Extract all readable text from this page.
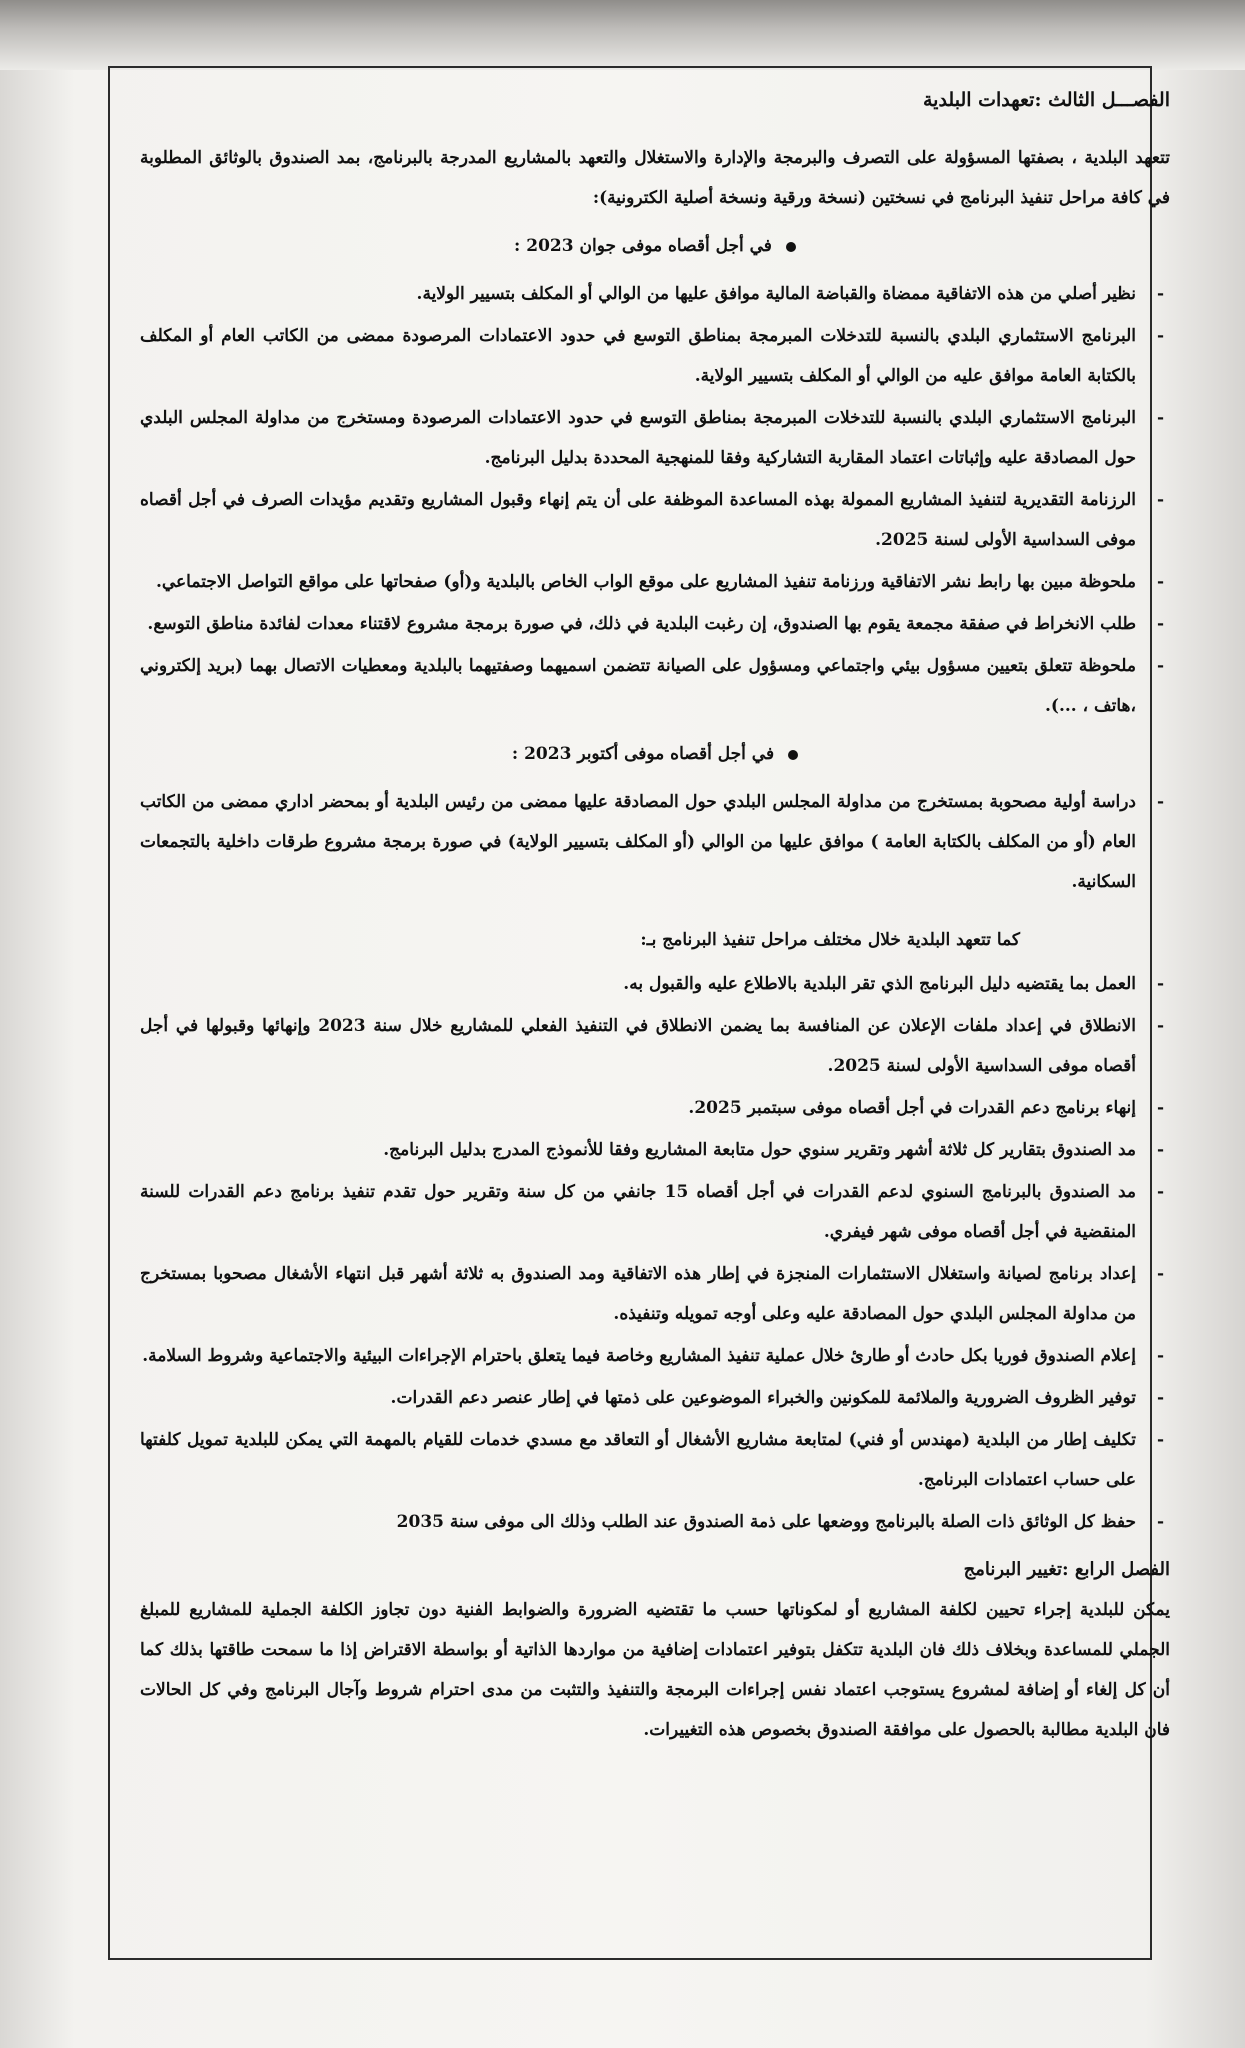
الفصـــل الثالث :تعهدات البلدية

تتعهد البلدية ، بصفتها المسؤولة على التصرف والبرمجة والإدارة والاستغلال والتعهد بالمشاريع المدرجة بالبرنامج، بمد الصندوق بالوثائق المطلوبة في كافة مراحل تنفيذ البرنامج في نسختين (نسخة ورقية ونسخة أصلية الكترونية):

في أجل أقصاه موفى جوان 2023 :

- نظير أصلي من هذه الاتفاقية ممضاة والقباضة المالية موافق عليها من الوالي أو المكلف بتسيير الولاية.
- البرنامج الاستثماري البلدي بالنسبة للتدخلات المبرمجة بمناطق التوسع في حدود الاعتمادات المرصودة ممضى من الكاتب العام أو المكلف بالكتابة العامة موافق عليه من الوالي أو المكلف بتسيير الولاية.
- البرنامج الاستثماري البلدي بالنسبة للتدخلات المبرمجة بمناطق التوسع في حدود الاعتمادات المرصودة ومستخرج من مداولة المجلس البلدي حول المصادقة عليه وإثباتات اعتماد المقاربة التشاركية وفقا للمنهجية المحددة بدليل البرنامج.
- الرزنامة التقديرية لتنفيذ المشاريع الممولة بهذه المساعدة الموظفة على أن يتم إنهاء وقبول المشاريع وتقديم مؤيدات الصرف في أجل أقصاه موفى السداسية الأولى لسنة 2025.
- ملحوظة مبين بها رابط نشر الاتفاقية ورزنامة تنفيذ المشاريع على موقع الواب الخاص بالبلدية و(أو) صفحاتها على مواقع التواصل الاجتماعي.
- طلب الانخراط في صفقة مجمعة يقوم بها الصندوق، إن رغبت البلدية في ذلك، في صورة برمجة مشروع لاقتناء معدات لفائدة مناطق التوسع.
- ملحوظة تتعلق بتعيين مسؤول بيئي واجتماعي ومسؤول على الصيانة تتضمن اسميهما وصفتيهما بالبلدية ومعطيات الاتصال بهما (بريد إلكتروني ،هاتف ، ...).

في أجل أقصاه موفى أكتوبر 2023 :

- دراسة أولية مصحوبة بمستخرج من مداولة المجلس البلدي حول المصادقة عليها ممضى من رئيس البلدية أو بمحضر اداري ممضى من الكاتب العام (أو من المكلف بالكتابة العامة ) موافق عليها من الوالي (أو المكلف بتسيير الولاية) في صورة برمجة مشروع طرقات داخلية بالتجمعات السكانية.

كما تتعهد البلدية خلال مختلف مراحل تنفيذ البرنامج بـ:

- العمل بما يقتضيه دليل البرنامج الذي تقر البلدية بالاطلاع عليه والقبول به.
- الانطلاق في إعداد ملفات الإعلان عن المنافسة بما يضمن الانطلاق في التنفيذ الفعلي للمشاريع خلال سنة 2023 وإنهائها وقبولها في أجل أقصاه موفى السداسية الأولى لسنة 2025.
- إنهاء برنامج دعم القدرات في أجل أقصاه موفى سبتمبر 2025.
- مد الصندوق بتقارير كل ثلاثة أشهر وتقرير سنوي حول متابعة المشاريع وفقا للأنموذج المدرج بدليل البرنامج.
- مد الصندوق بالبرنامج السنوي لدعم القدرات في أجل أقصاه 15 جانفي من كل سنة وتقرير حول تقدم تنفيذ برنامج دعم القدرات للسنة المنقضية في أجل أقصاه موفى شهر فيفري.
- إعداد برنامج لصيانة واستغلال الاستثمارات المنجزة في إطار هذه الاتفاقية ومد الصندوق به ثلاثة أشهر قبل انتهاء الأشغال مصحوبا بمستخرج من مداولة المجلس البلدي حول المصادقة عليه وعلى أوجه تمويله وتنفيذه.
- إعلام الصندوق فوريا بكل حادث أو طارئ خلال عملية تنفيذ المشاريع وخاصة فيما يتعلق باحترام الإجراءات البيئية والاجتماعية وشروط السلامة.
- توفير الظروف الضرورية والملائمة للمكونين والخبراء الموضوعين على ذمتها في إطار عنصر دعم القدرات.
- تكليف إطار من البلدية (مهندس أو فني) لمتابعة مشاريع الأشغال أو التعاقد مع مسدي خدمات للقيام بالمهمة التي يمكن للبلدية تمويل كلفتها على حساب اعتمادات البرنامج.
- حفظ كل الوثائق ذات الصلة بالبرنامج ووضعها على ذمة الصندوق عند الطلب وذلك الى موفى سنة 2035

الفصل الرابع :تغيير البرنامج

يمكن للبلدية إجراء تحيين لكلفة المشاريع أو لمكوناتها حسب ما تقتضيه الضرورة والضوابط الفنية دون تجاوز الكلفة الجملية للمشاريع للمبلغ الجملي للمساعدة وبخلاف ذلك فان البلدية تتكفل بتوفير اعتمادات إضافية من مواردها الذاتية أو بواسطة الاقتراض إذا ما سمحت طاقتها بذلك كما أن كل إلغاء أو إضافة لمشروع يستوجب اعتماد نفس إجراءات البرمجة والتنفيذ والتثبت من مدى احترام شروط وآجال البرنامج وفي كل الحالات فان البلدية مطالبة بالحصول على موافقة الصندوق بخصوص هذه التغييرات.
